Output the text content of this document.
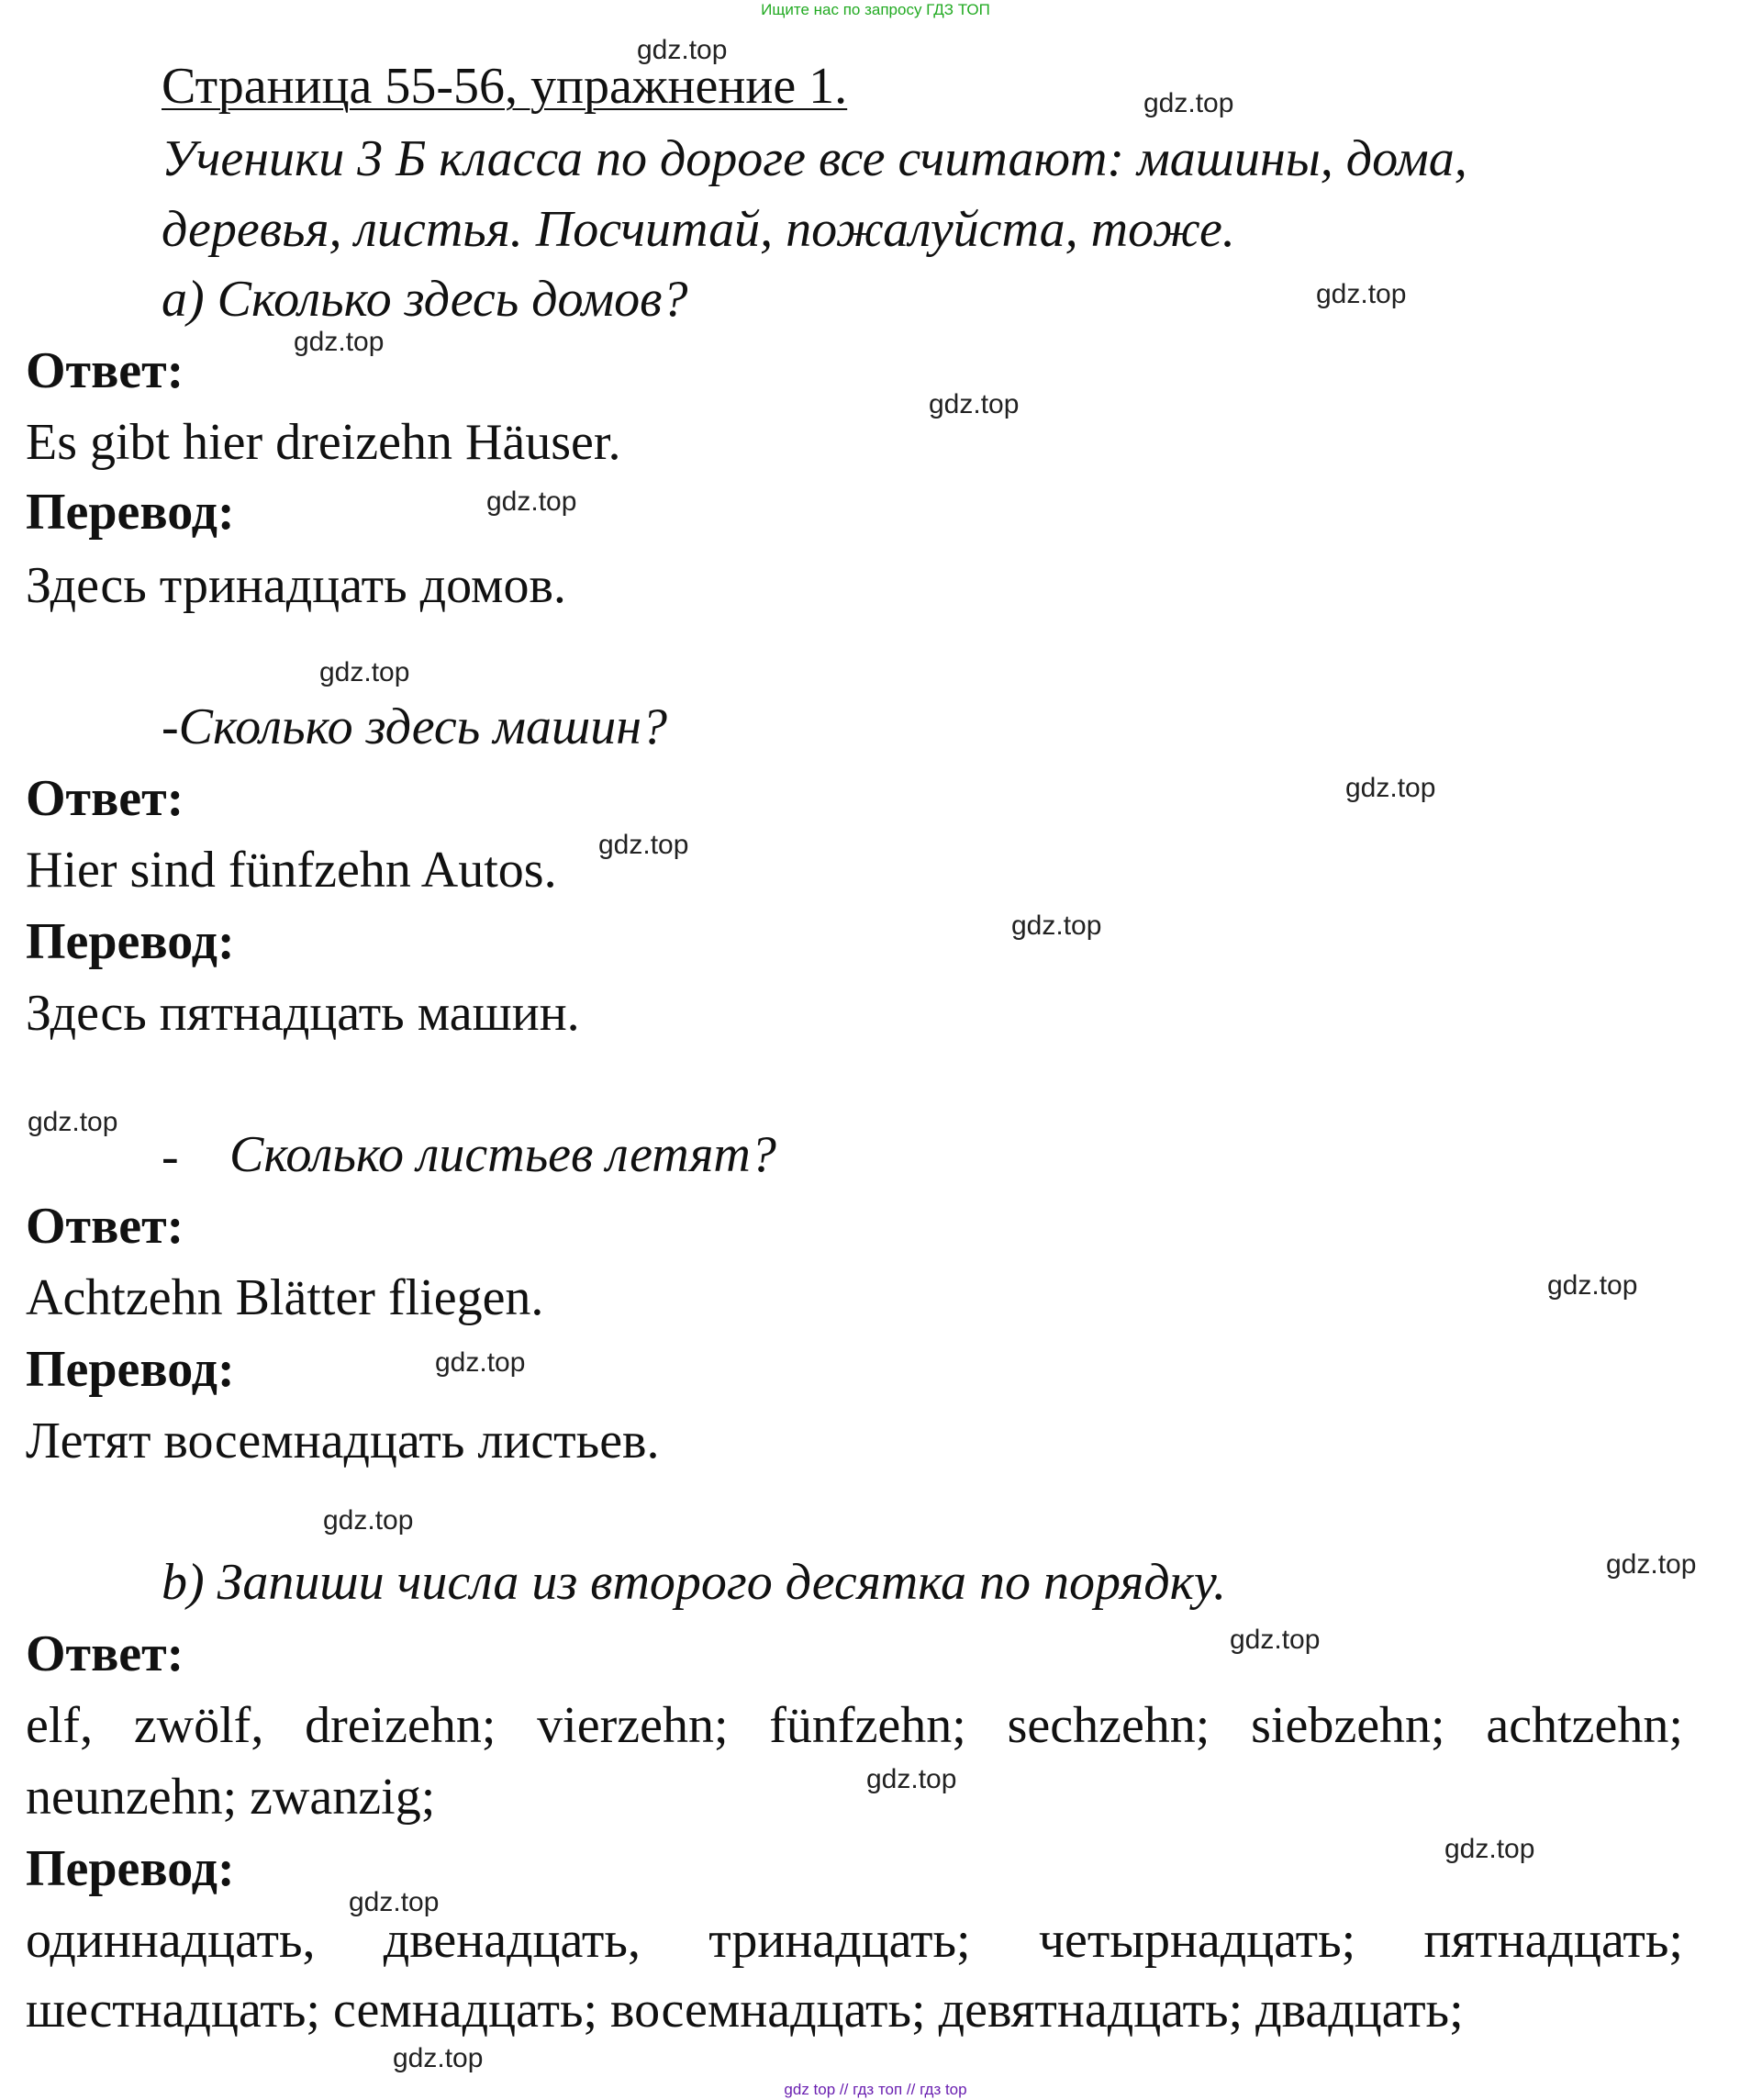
Ищите нас по запросу ГДЗ ТОП
Страница 55-56, упражнение 1.
Ученики 3 Б класса по дороге все считают: машины, дома,
деревья, листья. Посчитай, пожалуйста, тоже.
а) Сколько здесь домов?
Ответ:
Es gibt hier dreizehn Häuser.
Перевод:
Здесь тринадцать домов.
-Сколько здесь машин?
Ответ:
Hier sind fünfzehn Autos.
Перевод:
Здесь пятнадцать машин.
- Сколько листьев летят?
Ответ:
Achtzehn Blätter fliegen.
Перевод:
Летят восемнадцать листьев.
b) Запиши числа из второго десятка по порядку.
Ответ:
elf, zwölf, dreizehn; vierzehn; fünfzehn; sechzehn; siebzehn; achtzehn;
neunzehn; zwanzig;
Перевод:
одиннадцать, двенадцать, тринадцать; четырнадцать; пятнадцать;
шестнадцать; семнадцать; восемнадцать; девятнадцать; двадцать;
gdz.top
gdz.top
gdz.top
gdz.top
gdz.top
gdz.top
gdz.top
gdz.top
gdz.top
gdz.top
gdz.top
gdz.top
gdz.top
gdz.top
gdz.top
gdz.top
gdz.top
gdz.top
gdz.top
gdz.top
gdz top // гдз топ // гдз top
